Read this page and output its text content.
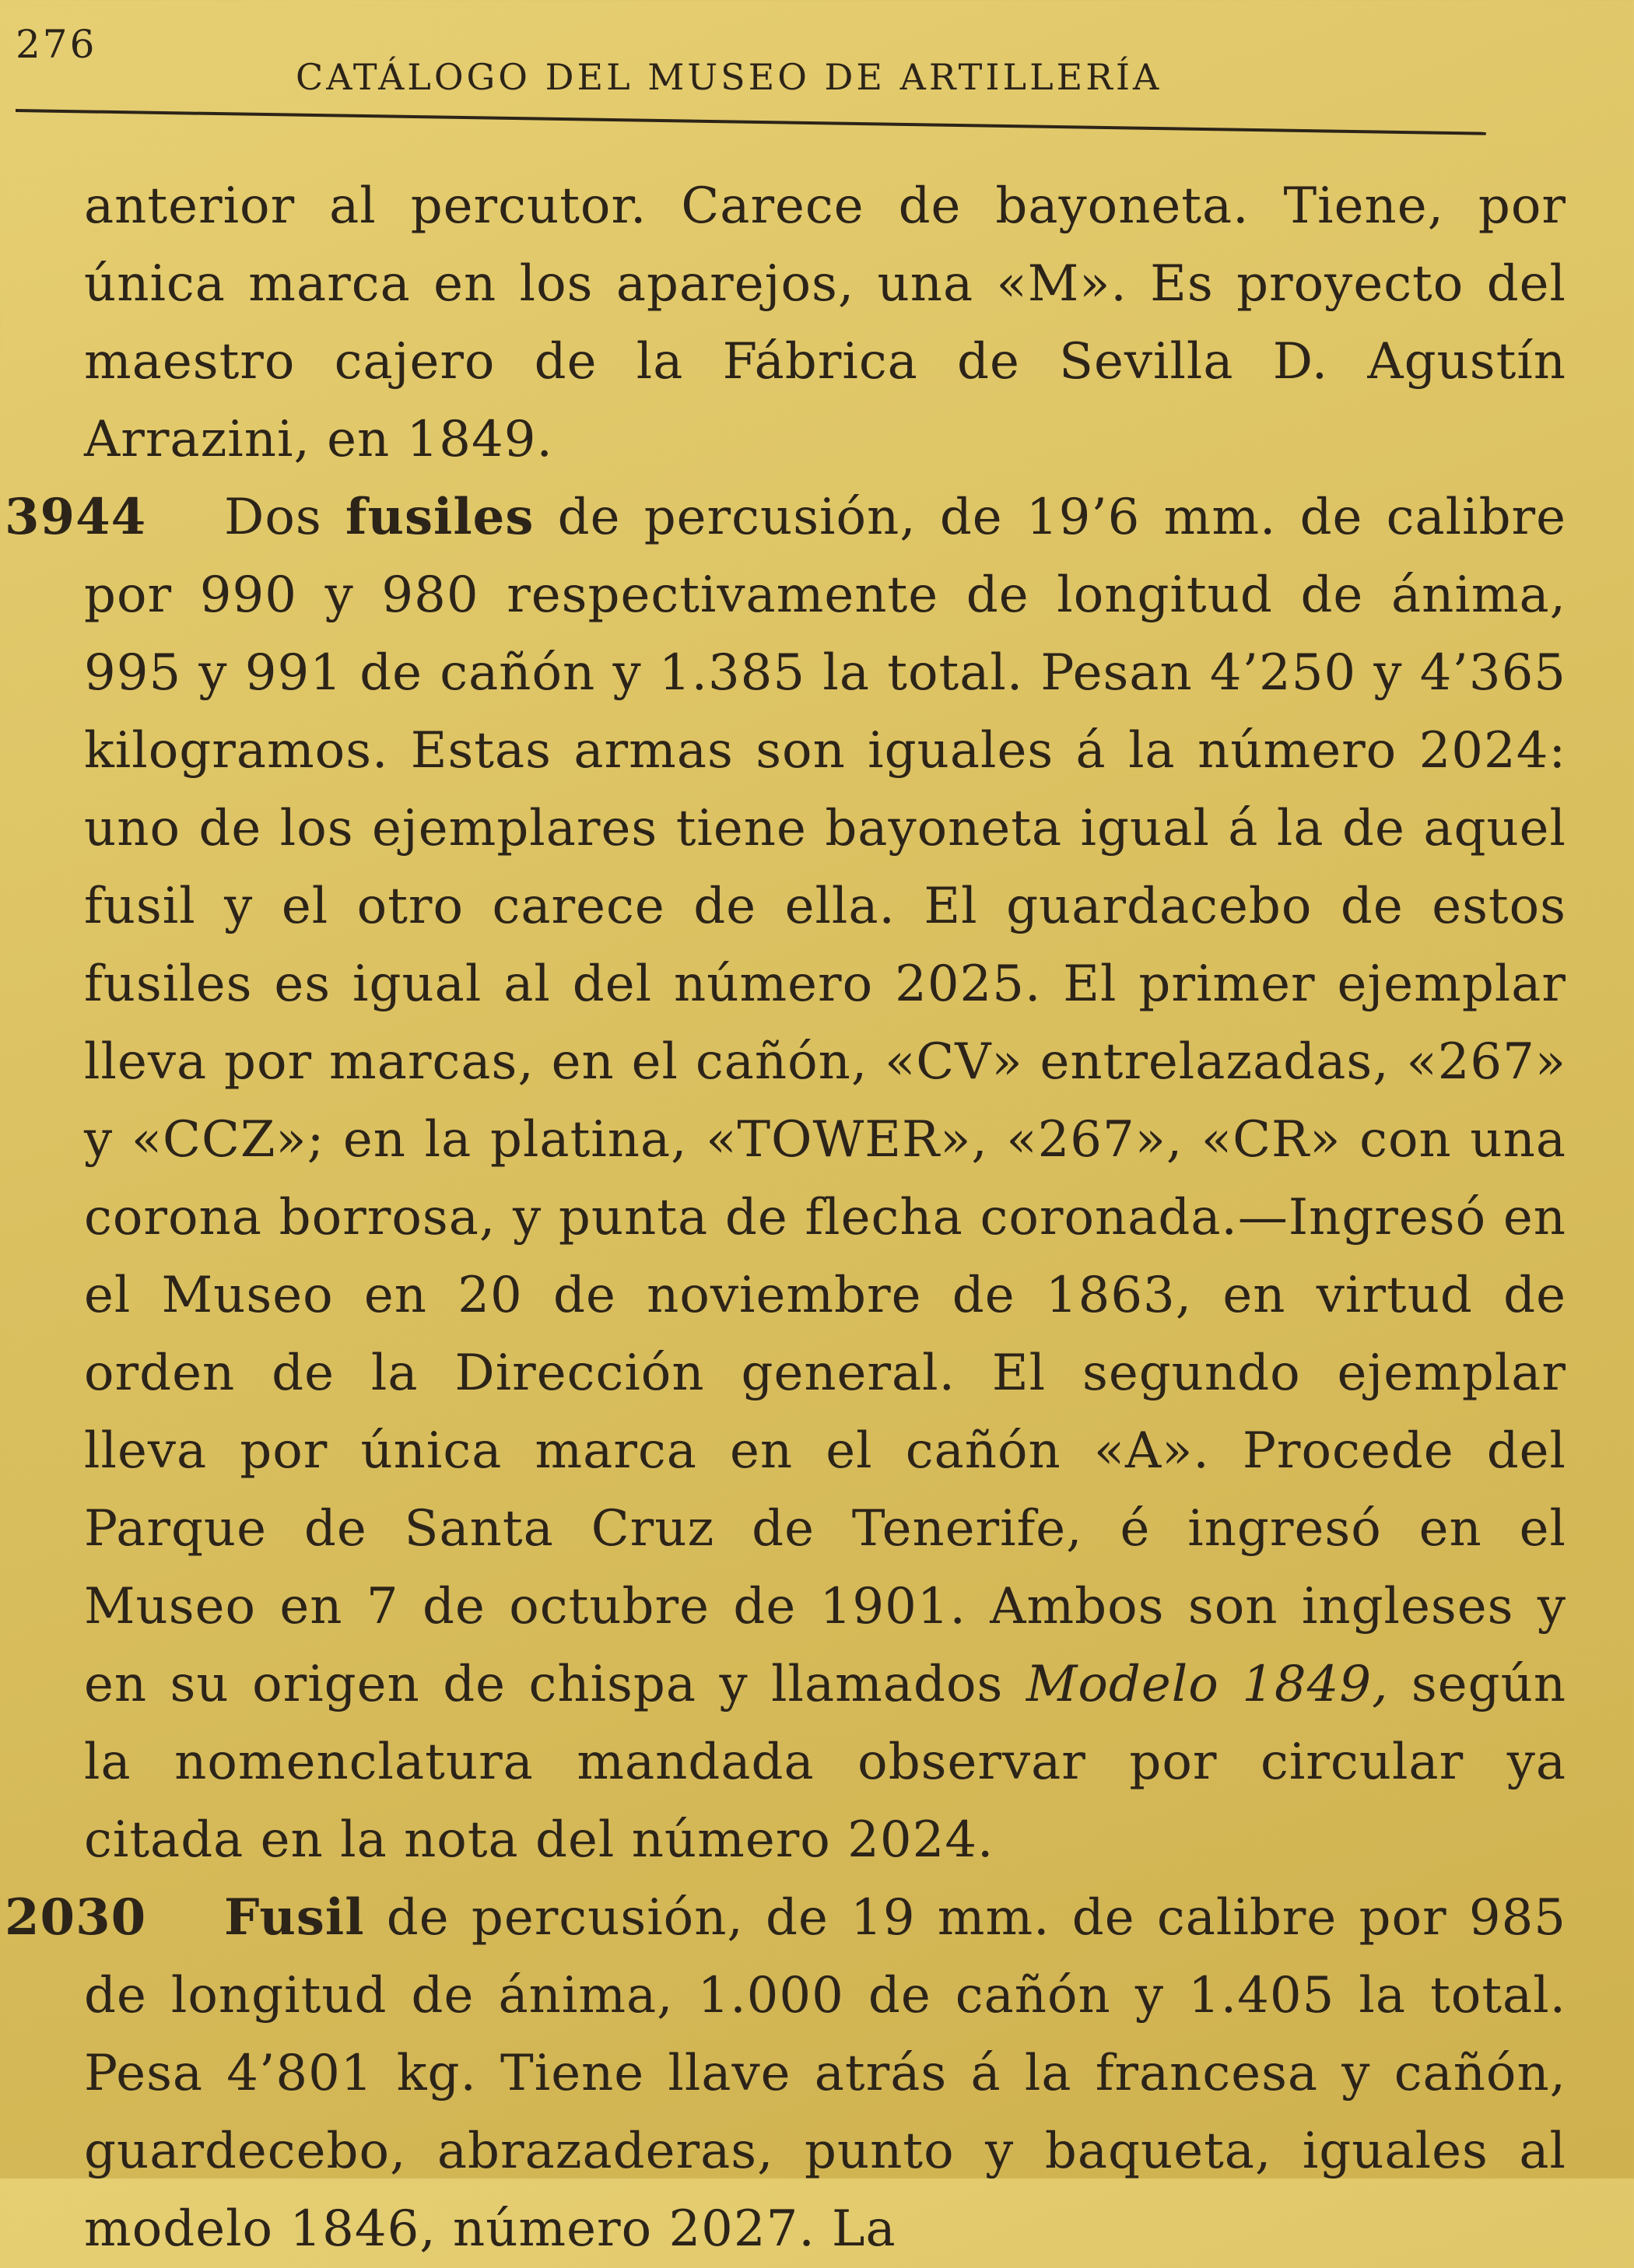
276
CATÁLOGO DEL MUSEO DE ARTILLERÍA

anterior al percutor. Carece de bayoneta. Tiene, por única marca en los aparejos, una «M». Es proyecto del maestro cajero de la Fábrica de Sevilla D. Agustín Arrazini, en 1849.

3944 Dos fusiles de percusión, de 19’6 mm. de calibre por 990 y 980 respectivamente de longitud de ánima, 995 y 991 de cañón y 1.385 la total. Pesan 4’250 y 4’365 kilogramos. Estas armas son iguales á la número 2024: uno de los ejemplares tiene bayoneta igual á la de aquel fusil y el otro carece de ella. El guardacebo de estos fusiles es igual al del número 2025. El primer ejemplar lleva por marcas, en el cañón, «CV» entrelazadas, «267» y «CCZ»; en la platina, «TOWER», «267», «CR» con una corona borrosa, y punta de flecha coronada.—Ingresó en el Museo en 20 de noviembre de 1863, en virtud de orden de la Dirección general. El segundo ejemplar lleva por única marca en el cañón «A». Procede del Parque de Santa Cruz de Tenerife, é ingresó en el Museo en 7 de octubre de 1901. Ambos son ingleses y en su origen de chispa y llamados Modelo 1849, según la nomenclatura mandada observar por circular ya citada en la nota del número 2024.
2030 Fusil de percusión, de 19 mm. de calibre por 985 de longitud de ánima, 1.000 de cañón y 1.405 la total. Pesa 4’801 kg. Tiene llave atrás á la francesa y cañón, guardecebo, abrazaderas, punto y baqueta, iguales al modelo 1846, número 2027. La
